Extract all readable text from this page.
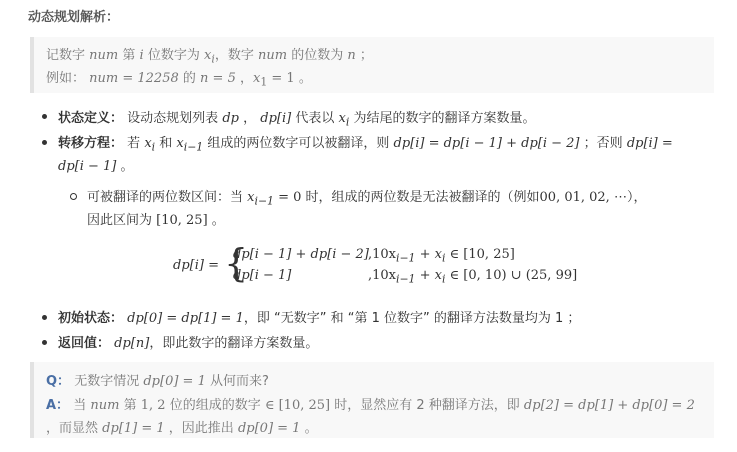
动态规划解析：
记数字 num 第 i 位数字为 $x_i$，数字 num 的位数为 n ；
例如： num = 12258 的 n = 5 ，$x_1 = 1$ 。
状态定义： 设动态规划列表 dp ， dp[i] 代表以 $x_i$ 为结尾的数字的翻译方案数量。
转移方程： 若 $x_i$ 和 $x_{i-1}$ 组成的两位数字可以被翻译，则 dp[i] = dp[i − 1] + dp[i − 2] ；否则 dp[i] =
dp[i − 1] 。
可被翻译的两位数区间：当 $x_{i-1} = 0$ 时，组成的两位数是无法被翻译的（例如00, 01, 02, ⋯），
因此区间为 [10, 25] 。
dp[i] = {
dp[i − 1] + dp[i − 2] $,10x_{i-1} + x_i$ ∈ [10, 25]
dp[i − 1]	$,10x_{i-1} + x_i$ ∈ [0, 10) ∪ (25, 99]
初始状态： dp[0] = dp[1] = 1，即 “无数字” 和 “第 1 位数字” 的翻译方法数量均为 1 ；
返回值： dp[n]，即此数字的翻译方案数量。
Q： 无数字情况 dp[0] = 1 从何而来?
A： 当 num 第 1, 2 位的组成的数字 ∈ [10, 25] 时，显然应有 2 种翻译方法，即 dp[2] = dp[1] + dp[0] = 2
，而显然 dp[1] = 1 ，因此推出 dp[0] = 1 。
